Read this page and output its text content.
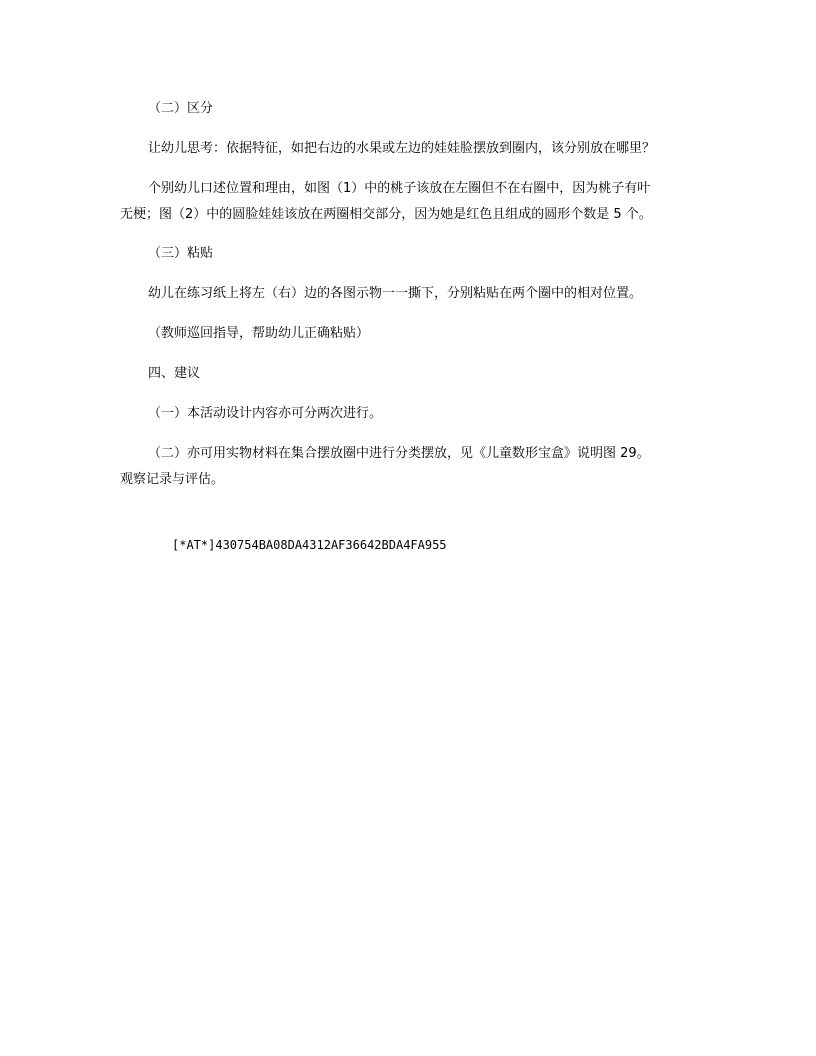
（二）区分

让幼儿思考：依据特征，如把右边的水果或左边的娃娃脸摆放到圈内，该分别放在哪里？

个别幼儿口述位置和理由，如图（1）中的桃子该放在左圈但不在右圈中，因为桃子有叶
无梗；图（2）中的圆脸娃娃该放在两圈相交部分，因为她是红色且组成的圆形个数是 5 个。

（三）粘贴

幼儿在练习纸上将左（右）边的各图示物一一撕下，分别粘贴在两个圈中的相对位置。

（教师巡回指导，帮助幼儿正确粘贴）

四、建议

（一）本活动设计内容亦可分两次进行。

（二）亦可用实物材料在集合摆放圈中进行分类摆放，见《儿童数形宝盒》说明图 29。
观察记录与评估。

[*AT*]430754BA08DA4312AF36642BDA4FA955
